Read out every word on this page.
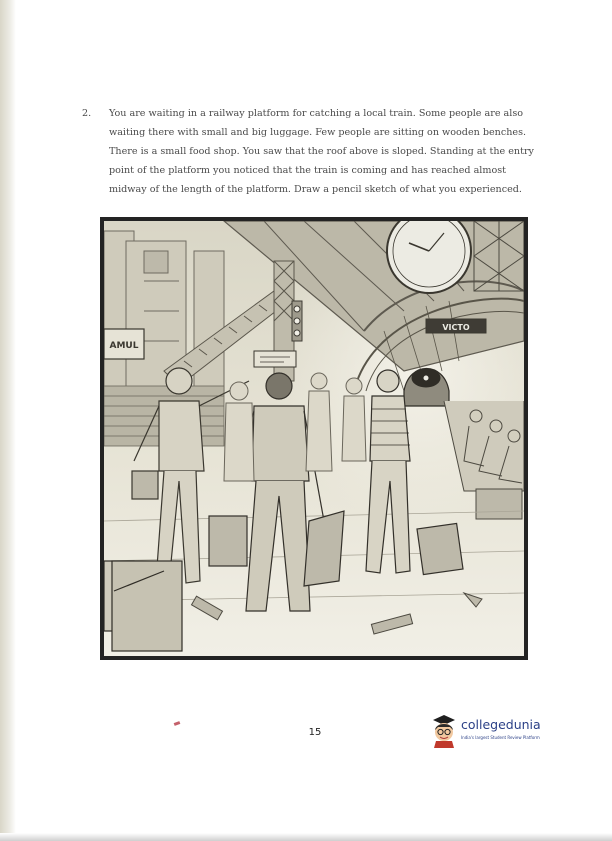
2. You are waiting in a railway platform for catching a local train. Some people are also
waiting there with small and big luggage. Few people are sitting on wooden benches.
There is a small food shop. You saw that the roof above is sloped. Standing at the entry
point of the platform you noticed that the train is coming and has reached almost
midway of the length of the platform. Draw a pencil sketch of what you experienced.
AMUL
VICTO
15
collegedunia
India's largest Student Review Platform
